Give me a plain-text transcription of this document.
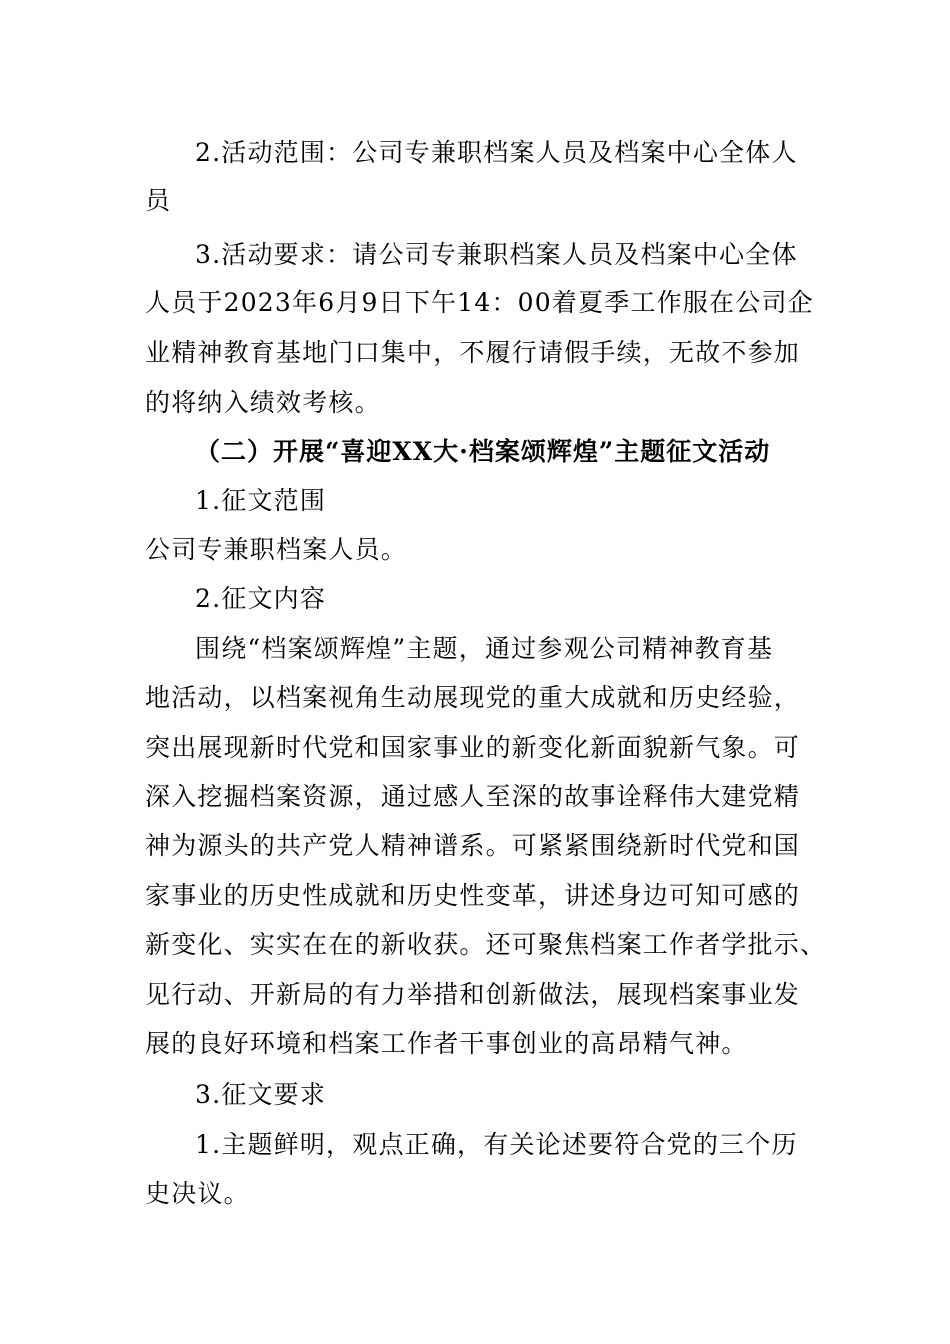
2.活动范围：公司专兼职档案人员及档案中心全体人
员
3.活动要求：请公司专兼职档案人员及档案中心全体
人员于2023年6月9日下午14：00着夏季工作服在公司企
业精神教育基地门口集中，不履行请假手续，无故不参加
的将纳入绩效考核。
（二）开展“喜迎XX大·档案颂辉煌”主题征文活动
1.征文范围
公司专兼职档案人员。
2.征文内容
围绕“档案颂辉煌”主题，通过参观公司精神教育基
地活动，以档案视角生动展现党的重大成就和历史经验，
突出展现新时代党和国家事业的新变化新面貌新气象。可
深入挖掘档案资源，通过感人至深的故事诠释伟大建党精
神为源头的共产党人精神谱系。可紧紧围绕新时代党和国
家事业的历史性成就和历史性变革，讲述身边可知可感的
新变化、实实在在的新收获。还可聚焦档案工作者学批示、
见行动、开新局的有力举措和创新做法，展现档案事业发
展的良好环境和档案工作者干事创业的高昂精气神。
3.征文要求
1.主题鲜明，观点正确，有关论述要符合党的三个历
史决议。
